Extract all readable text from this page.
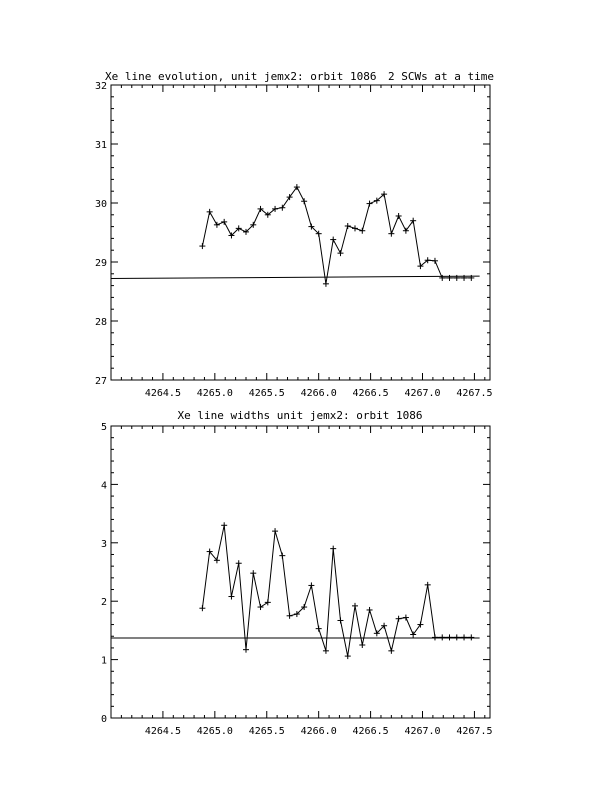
Xe line evolution, unit jemx2: orbit 1086 2 SCWs at a time
4264.5 4265.0 4265.5 4266.0 4266.5 4267.0 4267.5
27
28
29
30
31
32
Xe line widths unit jemx2: orbit 1086
4264.5 4265.0 4265.5 4266.0 4266.5 4267.0 4267.5
0
1
2
3
4
5
